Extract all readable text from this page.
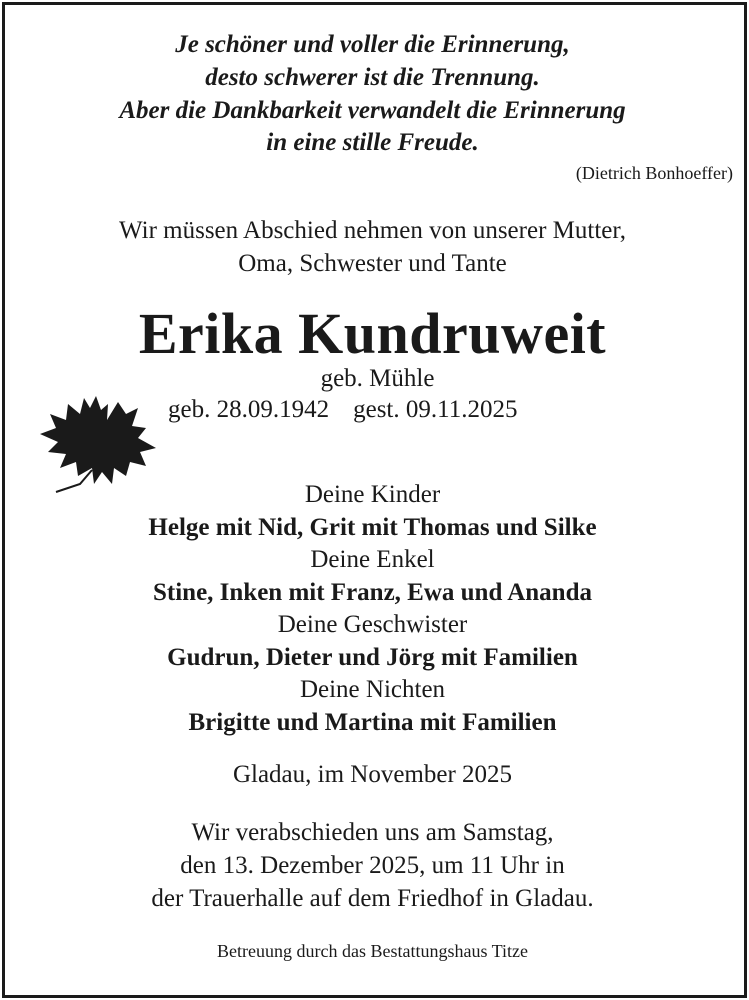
Je schöner und voller die Erinnerung,
desto schwerer ist die Trennung.
Aber die Dankbarkeit verwandelt die Erinnerung
in eine stille Freude.
(Dietrich Bonhoeffer)
Wir müssen Abschied nehmen von unserer Mutter,
Oma, Schwester und Tante
Erika Kundruweit
geb. Mühle
geb. 28.09.1942 gest. 09.11.2025
Deine Kinder
Helge mit Nid, Grit mit Thomas und Silke
Deine Enkel
Stine, Inken mit Franz, Ewa und Ananda
Deine Geschwister
Gudrun, Dieter und Jörg mit Familien
Deine Nichten
Brigitte und Martina mit Familien
Gladau, im November 2025
Wir verabschieden uns am Samstag,
den 13. Dezember 2025, um 11 Uhr in
der Trauerhalle auf dem Friedhof in Gladau.
Betreuung durch das Bestattungshaus Titze
